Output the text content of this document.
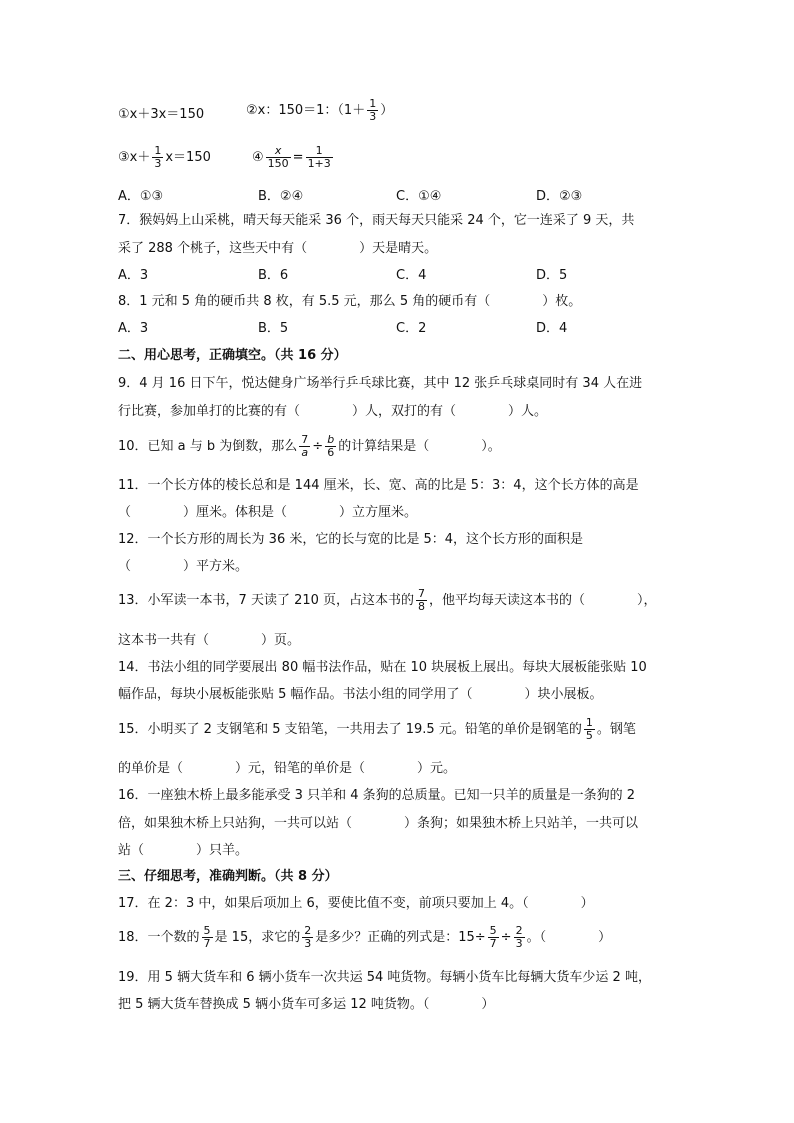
①x＋3x＝150	②x：150＝1：（$1+ \frac{1}{3}$ ）
③x＋ $\frac{1}{3} x=150$	④ $\frac{x}{150} = \frac{1}{1+3}$
A．①③	B．②④	C．①④	D．②③
7．猴妈妈上山采桃，晴天每天能采 36 个，雨天每天只能采 24 个，它一连采了 9 天，共
采了 288 个桃子，这些天中有（　　　　）天是晴天。
A．3	B．6	C．4	D．5
8．1 元和 5 角的硬币共 8 枚，有 5.5 元，那么 5 角的硬币有（　　　　）枚。
A．3	B．5	C．2	D．4
二、用心思考，正确填空。（共 16 分）
9．4 月 16 日下午，悦达健身广场举行乒乓球比赛，其中 12 张乒乓球桌同时有 34 人在进
行比赛，参加单打的比赛的有（　　　　）人，双打的有（　　　　）人。
10．已知 a 与 b 为倒数，那么 $\frac{7}{a} \div \frac{b}{6}$ 的计算结果是（　　　　）。
11．一个长方体的棱长总和是 144 厘米，长、宽、高的比是 5：3：4，这个长方体的高是
（　　　　）厘米。体积是（　　　　）立方厘米。
12．一个长方形的周长为 36 米，它的长与宽的比是 5：4，这个长方形的面积是
（　　　　）平方米。
13．小军读一本书，7 天读了 210 页，占这本书的 $\frac{7}{8}$ ，他平均每天读这本书的（　　　　），
这本书一共有（　　　　）页。
14．书法小组的同学要展出 80 幅书法作品，贴在 10 块展板上展出。每块大展板能张贴 10
幅作品，每块小展板能张贴 5 幅作品。书法小组的同学用了（　　　　）块小展板。
15．小明买了 2 支钢笔和 5 支铅笔，一共用去了 19.5 元。铅笔的单价是钢笔的 $\frac{1}{5}$ 。钢笔
的单价是（　　　　）元，铅笔的单价是（　　　　）元。
16．一座独木桥上最多能承受 3 只羊和 4 条狗的总质量。已知一只羊的质量是一条狗的 2
倍，如果独木桥上只站狗，一共可以站（　　　　）条狗；如果独木桥上只站羊，一共可以
站（　　　　）只羊。
三、仔细思考，准确判断。（共 8 分）
17．在 2：3 中，如果后项加上 6，要使比值不变，前项只要加上 4。（　　　　）
18．一个数的 $\frac{5}{7}$ 是 15，求它的 $\frac{2}{3}$ 是多少？正确的列式是：$15\div \frac{5}{7} \div \frac{2}{3}$ 。（　　　　）
19．用 5 辆大货车和 6 辆小货车一次共运 54 吨货物。每辆小货车比每辆大货车少运 2 吨，
把 5 辆大货车替换成 5 辆小货车可多运 12 吨货物。（　　　　）
